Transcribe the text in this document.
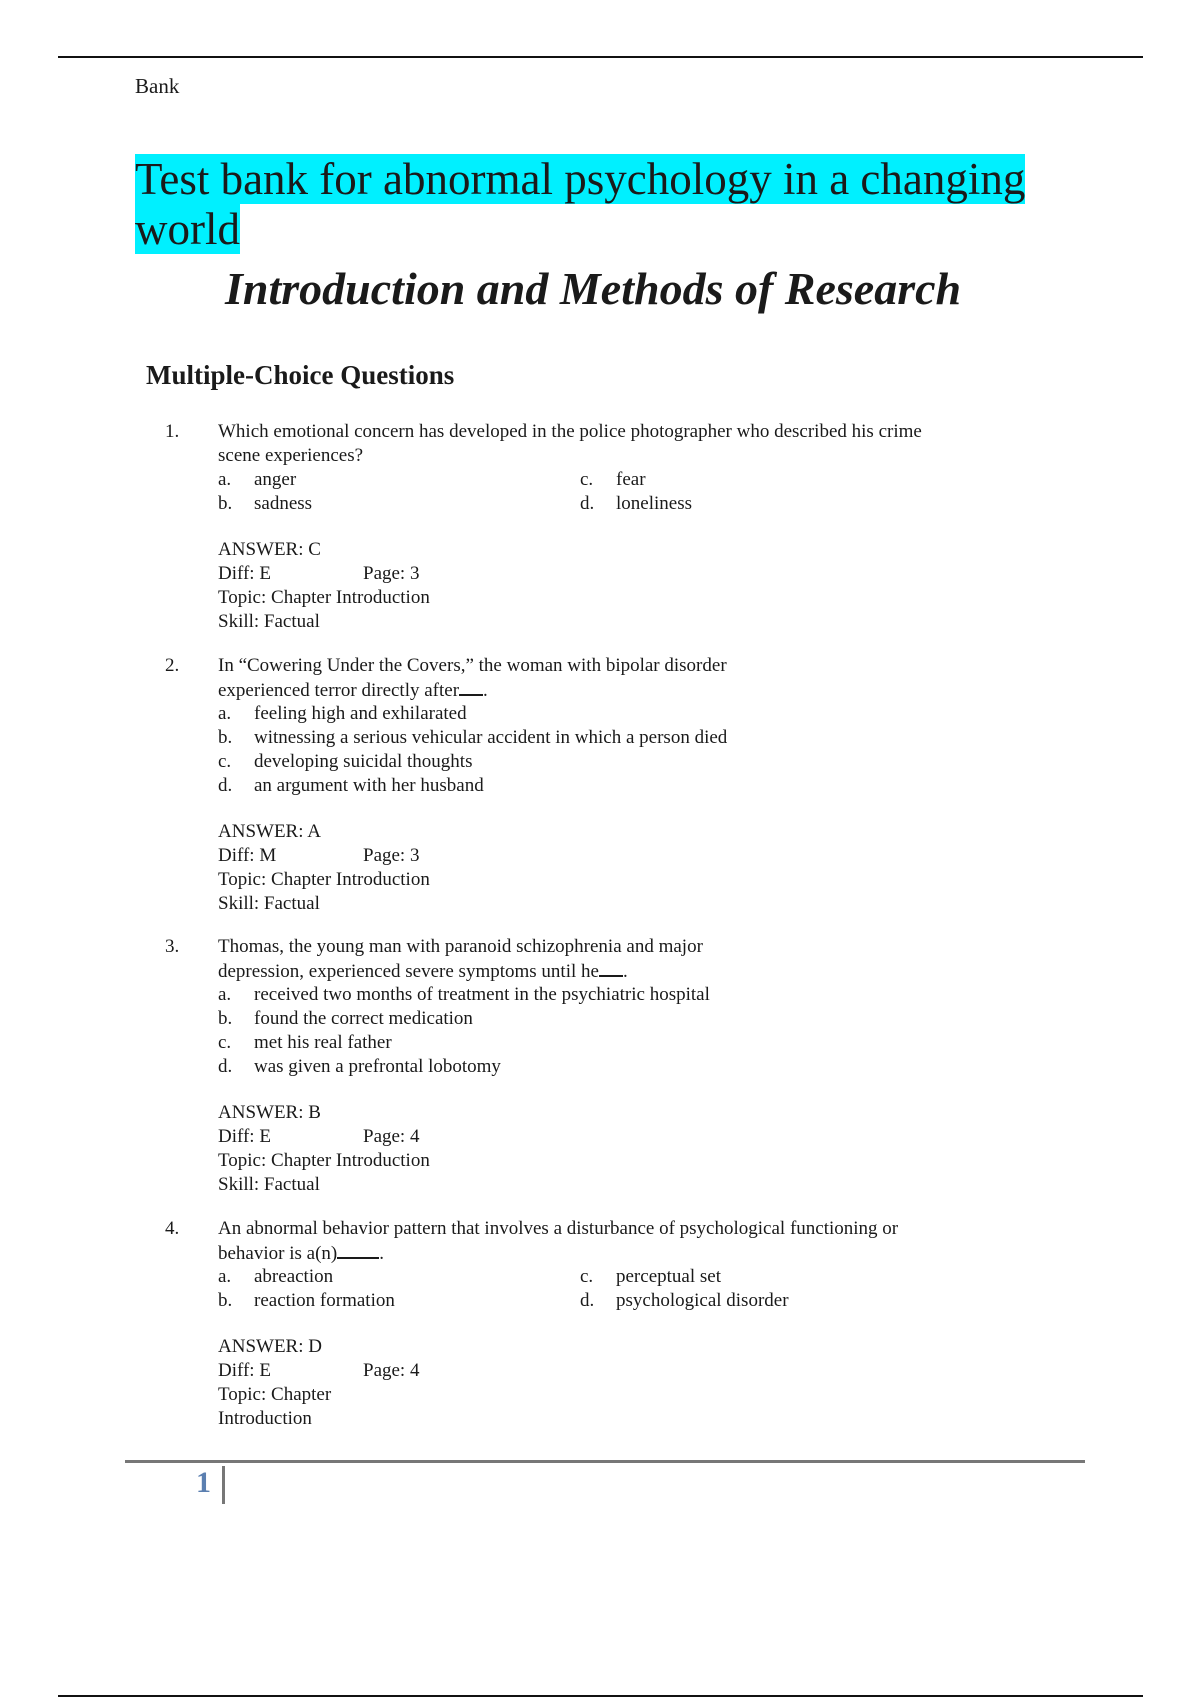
Bank
Test bank for abnormal psychology in a changing world
Introduction and Methods of Research
Multiple-Choice Questions
1. Which emotional concern has developed in the police photographer who described his crime scene experiences?
a. anger
b. sadness
c. fear
d. loneliness
ANSWER: C
Diff: E	Page: 3
Topic: Chapter Introduction
Skill: Factual
2. In “Cowering Under the Covers,” the woman with bipolar disorder experienced terror directly after .
a. feeling high and exhilarated
b. witnessing a serious vehicular accident in which a person died
c. developing suicidal thoughts
d. an argument with her husband
ANSWER: A
Diff: M	Page: 3
Topic: Chapter Introduction
Skill: Factual
3. Thomas, the young man with paranoid schizophrenia and major depression, experienced severe symptoms until he .
a. received two months of treatment in the psychiatric hospital
b. found the correct medication
c. met his real father
d. was given a prefrontal lobotomy
ANSWER: B
Diff: E	Page: 4
Topic: Chapter Introduction
Skill: Factual
4. An abnormal behavior pattern that involves a disturbance of psychological functioning or behavior is a(n) .
a. abreaction
b. reaction formation
c. perceptual set
d. psychological disorder
ANSWER: D
Diff: E	Page: 4
Topic: Chapter
Introduction
1
